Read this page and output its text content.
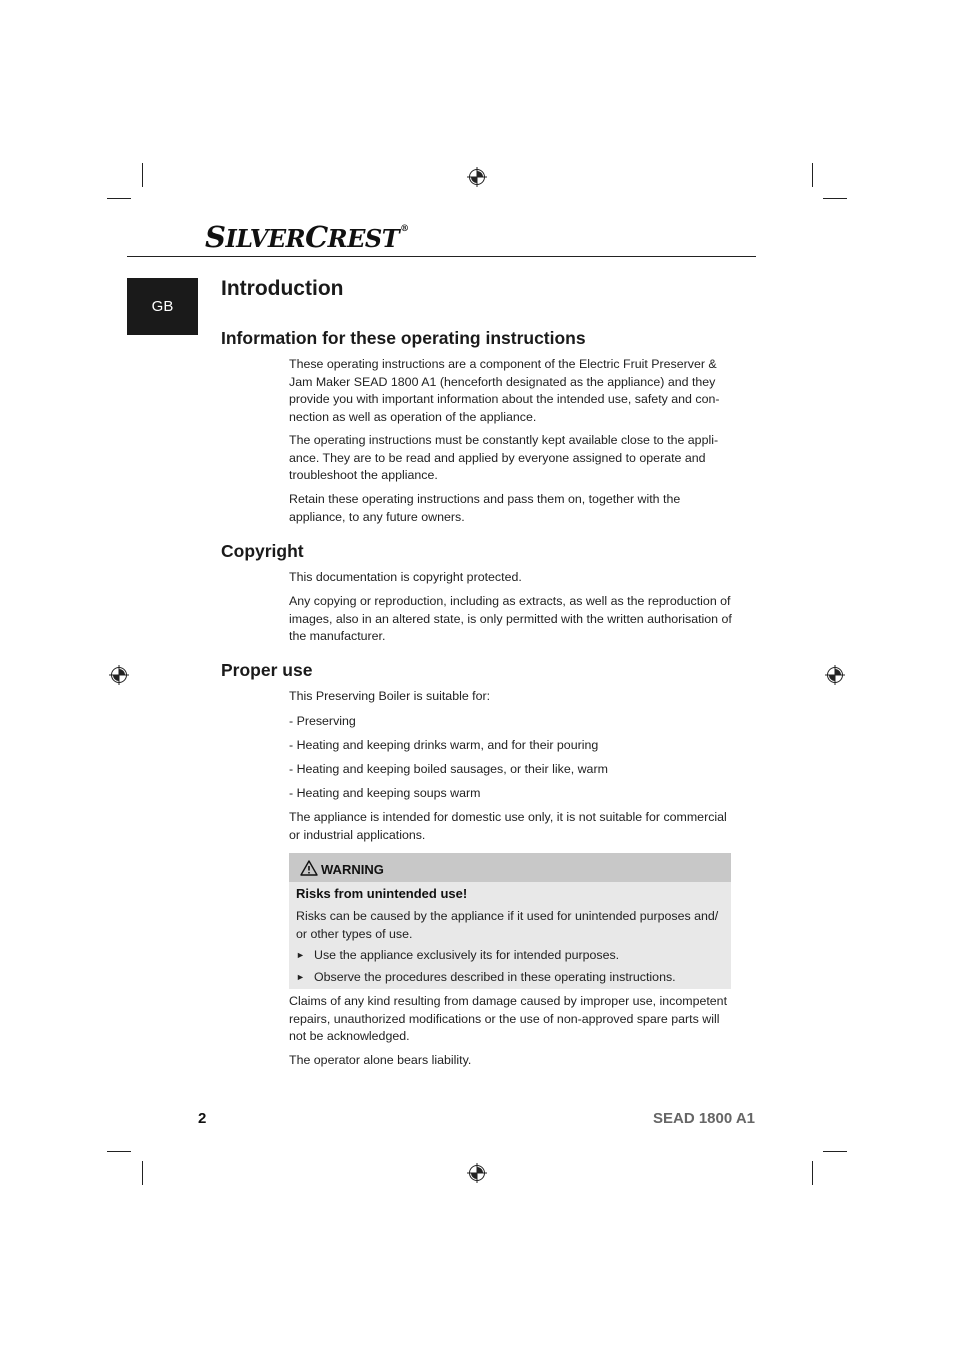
SILVERCREST®
GB
Introduction
Information for these operating instructions

These operating instructions are a component of the Electric Fruit Preserver & Jam Maker SEAD 1800 A1 (henceforth designated as the appliance) and they provide you with important information about the intended use, safety and con-nection as well as operation of the appliance.

The operating instructions must be constantly kept available close to the appli-ance. They are to be read and applied by everyone assigned to operate and troubleshoot the appliance.

Retain these operating instructions and pass them on, together with the appliance, to any future owners.

Copyright

This documentation is copyright protected.

Any copying or reproduction, including as extracts, as well as the reproduction of images, also in an altered state, is only permitted with the written authorisation of the manufacturer.

Proper use

This Preserving Boiler is suitable for:

- Preserving

- Heating and keeping drinks warm, and for their pouring

- Heating and keeping boiled sausages, or their like, warm

- Heating and keeping soups warm

The appliance is intended for domestic use only, it is not suitable for commercial or industrial applications.

WARNING
Risks from unintended use!
Risks can be caused by the appliance if it used for unintended purposes and/ or other types of use.
► Use the appliance exclusively its for intended purposes.
► Observe the procedures described in these operating instructions.

Claims of any kind resulting from damage caused by improper use, incompetent repairs, unauthorized modifications or the use of non-approved spare parts will not be acknowledged.

The operator alone bears liability.

2	SEAD 1800 A1
